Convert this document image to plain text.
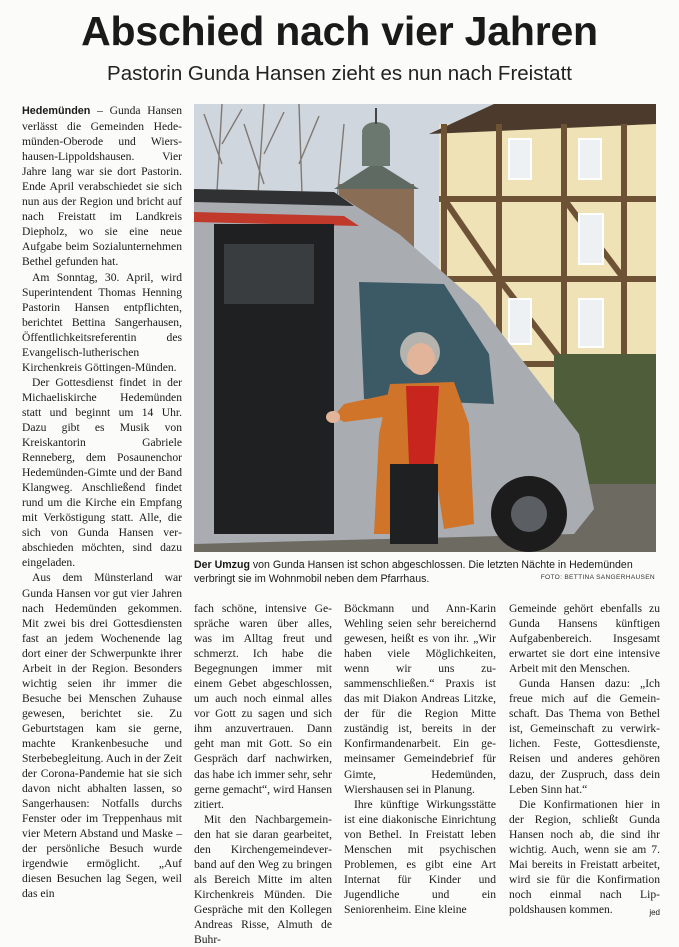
Abschied nach vier Jahren
Pastorin Gunda Hansen zieht es nun nach Freistatt

Hedemünden – Gunda Hansen verlässt die Gemeinden Hedemünden-Oberode und Wiershausen-Lippoldshausen. Vier Jahre lang war sie dort Pastorin. Ende April verabschiedet sie sich nun aus der Region und bricht auf nach Freistatt im Landkreis Diepholz, wo sie eine neue Aufgabe beim Sozialunternehmen Bethel gefunden hat.

Am Sonntag, 30. April, wird Superintendent Thomas Henning Pastorin Hansen entpflichten, berichtet Bettina Sangerhausen, Öffentlichkeitsreferentin des Evangelisch-lutherischen Kirchenkreis Göttingen-Münden.

Der Gottesdienst findet in der Michaeliskirche Hedemünden statt und beginnt um 14 Uhr. Dazu gibt es Musik von Kreiskantorin Gabriele Renneberg, dem Posaunenchor Hedemünden-Gimte und der Band Klangweg. Anschließend findet rund um die Kirche ein Empfang mit Verköstigung statt. Alle, die sich von Gunda Hansen verabschieden möchten, sind dazu eingeladen.

Aus dem Münsterland war Gunda Hansen vor gut vier Jahren nach Hedemünden gekommen. Mit zwei bis drei Gottesdiensten fast an jedem Wochenende lag dort einer der Schwerpunkte ihrer Arbeit in der Region. Besonders wichtig seien ihr immer die Besuche bei Menschen Zuhause gewesen, berichtet sie. Zu Geburtstagen kam sie gerne, machte Krankenbesuche und Sterbebegleitung. Auch in der Zeit der Corona-Pandemie hat sie sich davon nicht abhalten lassen, so Sangerhausen: Notfalls durchs Fenster oder im Treppenhaus mit vier Metern Abstand und Maske – der persönliche Besuch wurde irgendwie ermöglicht. „Auf diesen Besuchen lag Segen, weil das ein

Der Umzug von Gunda Hansen ist schon abgeschlossen. Die letzten Nächte in Hedemünden verbringt sie im Wohnmobil neben dem Pfarrhaus.	FOTO: BETTINA SANGERHAUSEN

fach schöne, intensive Gespräche waren über alles, was im Alltag freut und schmerzt. Ich habe die Begegnungen immer mit einem Gebet abgeschlossen, um auch noch einmal alles vor Gott zu sagen und sich ihm anzuvertrauen. Dann geht man mit Gott. So ein Gespräch darf nachwirken, das habe ich immer sehr, sehr gerne gemacht“, wird Hansen zitiert.

Mit den Nachbargemeinden hat sie daran gearbeitet, den Kirchengemeindeverband auf den Weg zu bringen als Bereich Mitte im alten Kirchenkreis Münden. Die Gespräche mit den Kollegen Andreas Risse, Almuth de Buhr-

Böckmann und Ann-Karin Wehling seien sehr bereichernd gewesen, heißt es von ihr. „Wir haben viele Möglichkeiten, wenn wir uns zusammenschließen.“ Praxis ist das mit Diakon Andreas Litzke, der für die Region Mitte zuständig ist, bereits in der Konfirmandenarbeit. Ein gemeinsamer Gemeindebrief für Gimte, Hedemünden, Wiershausen sei in Planung.

Ihre künftige Wirkungsstätte ist eine diakonische Einrichtung von Bethel. In Freistatt leben Menschen mit psychischen Problemen, es gibt eine Art Internat für Kinder und Jugendliche und ein Seniorenheim. Eine kleine

Gemeinde gehört ebenfalls zu Gunda Hansens künftigen Aufgabenbereich. Insgesamt erwartet sie dort eine intensive Arbeit mit den Menschen.

Gunda Hansen dazu: „Ich freue mich auf die Gemeinschaft. Das Thema von Bethel ist, Gemeinschaft zu verwirklichen. Feste, Gottesdienste, Reisen und anderes gehören dazu, der Zuspruch, dass dein Leben Sinn hat.“

Die Konfirmationen hier in der Region, schließt Gunda Hansen noch ab, die sind ihr wichtig. Auch, wenn sie am 7. Mai bereits in Freistatt arbeitet, wird sie für die Konfirmation noch einmal nach Lippoldshausen kommen.	jed
